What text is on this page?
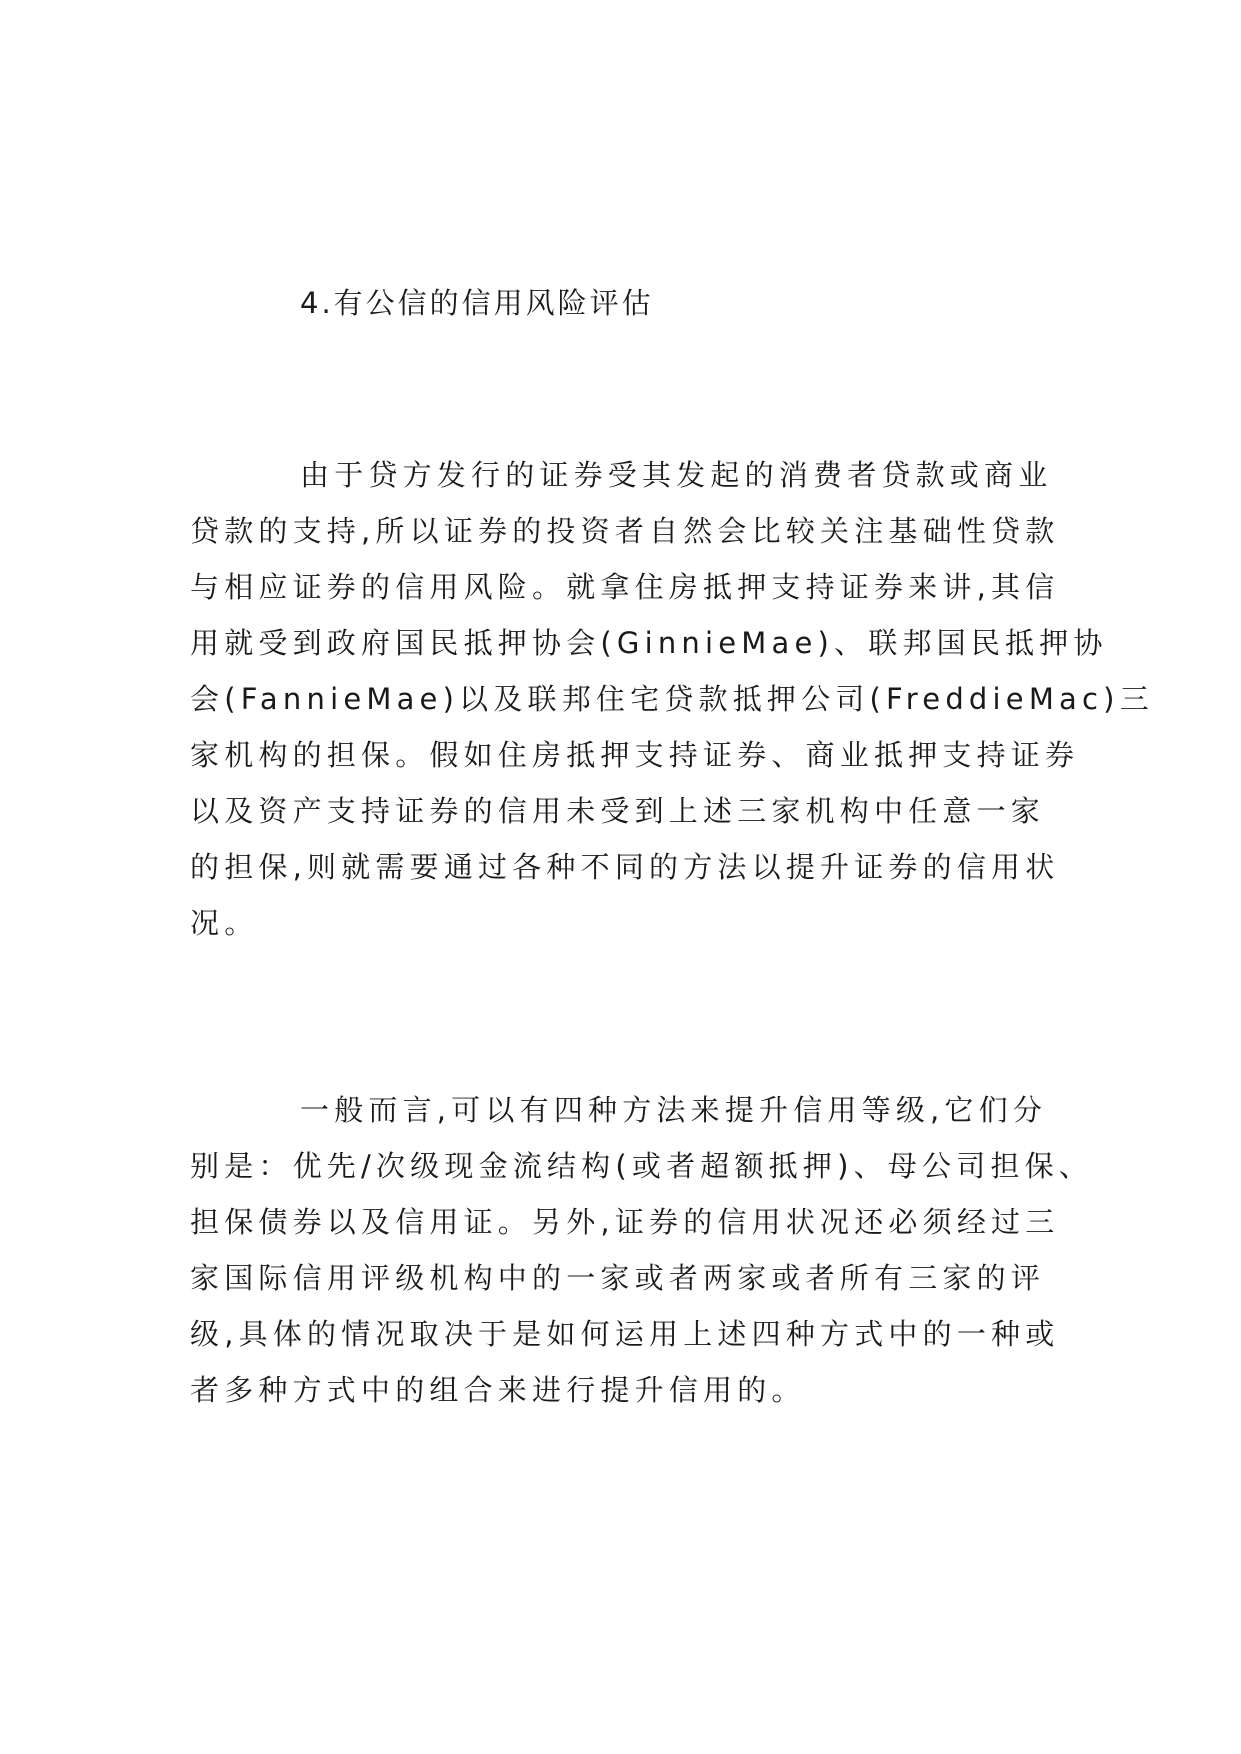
4.有公信的信用风险评估

由于贷方发行的证券受其发起的消费者贷款或商业

贷款的支持,所以证券的投资者自然会比较关注基础性贷款

与相应证券的信用风险。就拿住房抵押支持证券来讲,其信

用就受到政府国民抵押协会(GinnieMae)、联邦国民抵押协

会(FannieMae)以及联邦住宅贷款抵押公司(FreddieMac)三

家机构的担保。假如住房抵押支持证券、商业抵押支持证券

以及资产支持证券的信用未受到上述三家机构中任意一家

的担保,则就需要通过各种不同的方法以提升证券的信用状

况。

一般而言,可以有四种方法来提升信用等级,它们分

别是：优先/次级现金流结构(或者超额抵押)、母公司担保、

担保债券以及信用证。另外,证券的信用状况还必须经过三

家国际信用评级机构中的一家或者两家或者所有三家的评

级,具体的情况取决于是如何运用上述四种方式中的一种或

者多种方式中的组合来进行提升信用的。
